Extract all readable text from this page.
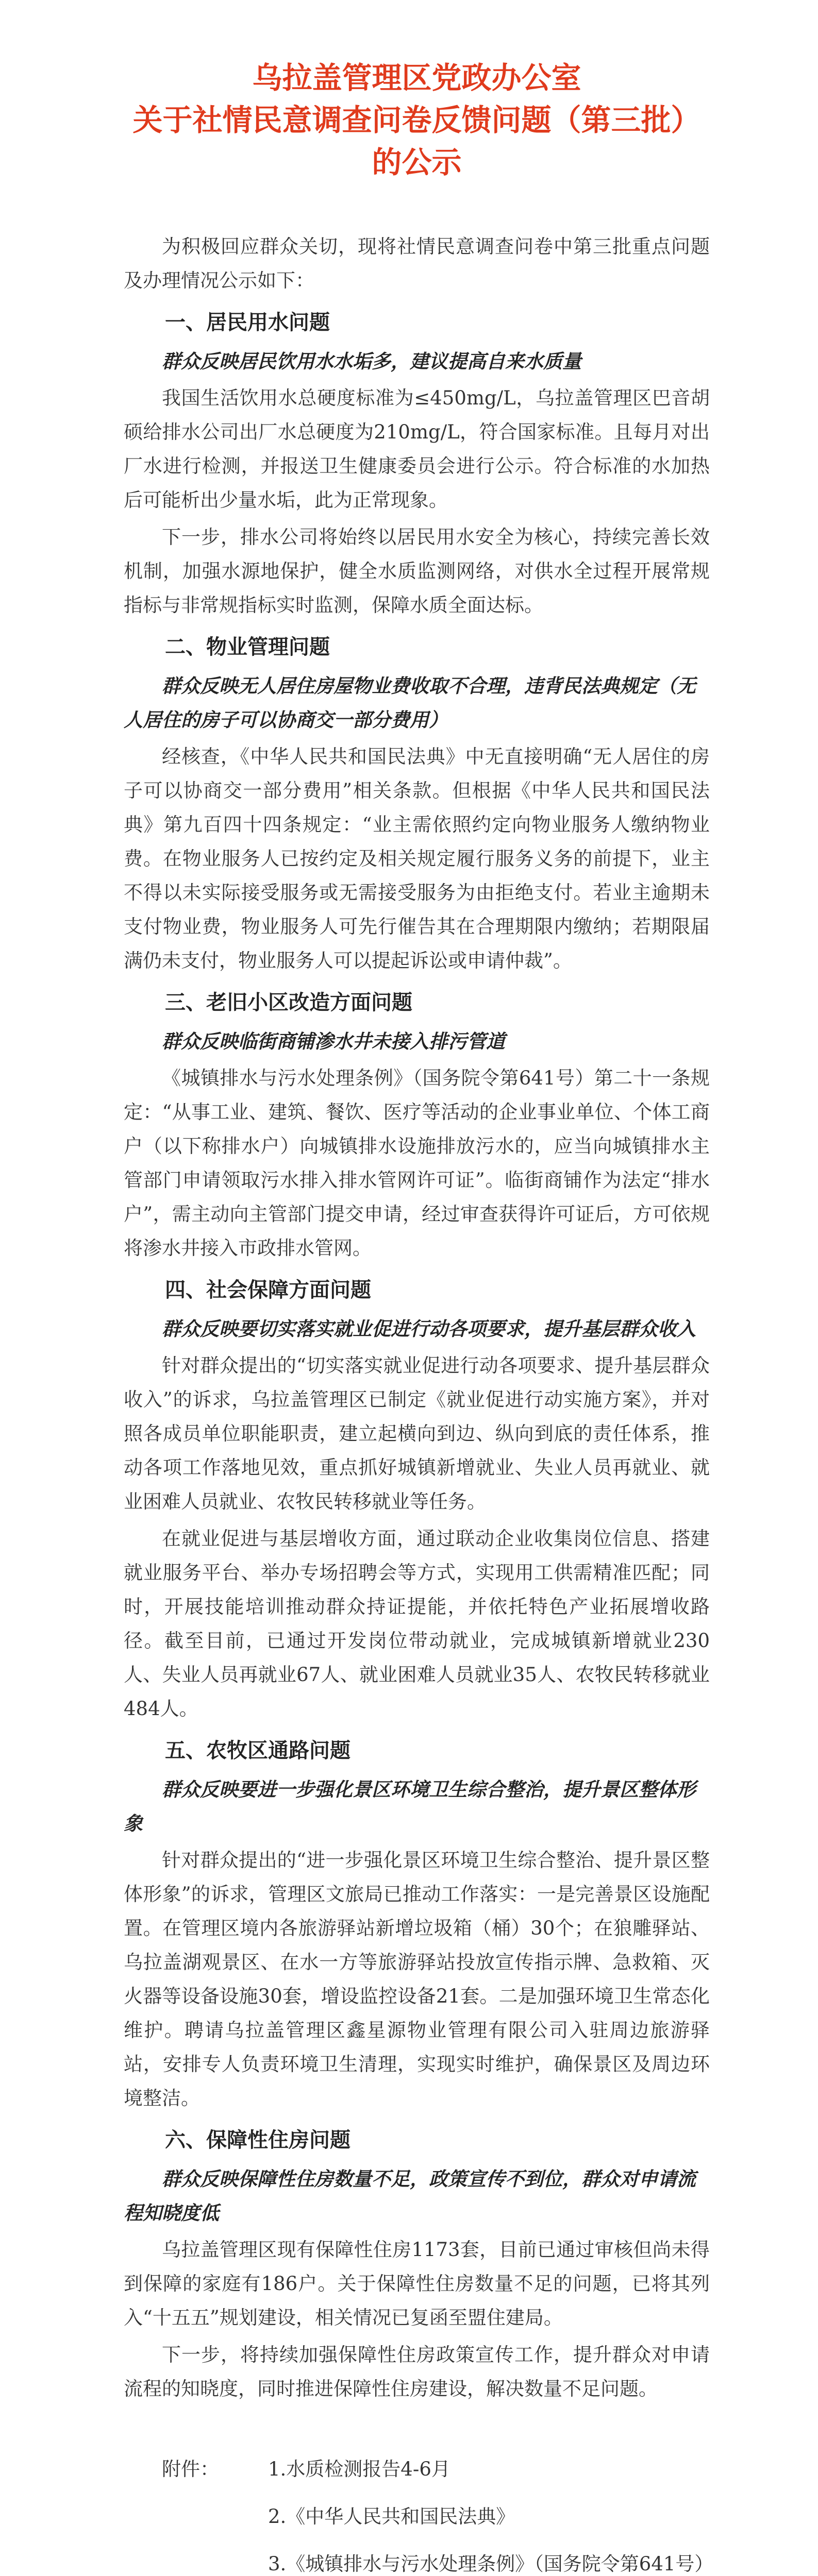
乌拉盖管理区党政办公室
关于社情民意调查问卷反馈问题（第三批）
的公示

为积极回应群众关切，现将社情民意调查问卷中第三批重点问题及办理情况公示如下：

一、居民用水问题

群众反映居民饮用水水垢多，建议提高自来水质量

我国生活饮用水总硬度标准为≤450mg/L，乌拉盖管理区巴音胡硕给排水公司出厂水总硬度为210mg/L，符合国家标准。且每月对出厂水进行检测，并报送卫生健康委员会进行公示。符合标准的水加热后可能析出少量水垢，此为正常现象。

下一步，排水公司将始终以居民用水安全为核心，持续完善长效机制，加强水源地保护，健全水质监测网络，对供水全过程开展常规指标与非常规指标实时监测，保障水质全面达标。

二、物业管理问题

群众反映无人居住房屋物业费收取不合理，违背民法典规定（无人居住的房子可以协商交一部分费用）

经核查，《中华人民共和国民法典》中无直接明确“无人居住的房子可以协商交一部分费用”相关条款。但根据《中华人民共和国民法典》第九百四十四条规定：“业主需依照约定向物业服务人缴纳物业费。在物业服务人已按约定及相关规定履行服务义务的前提下，业主不得以未实际接受服务或无需接受服务为由拒绝支付。若业主逾期未支付物业费，物业服务人可先行催告其在合理期限内缴纳；若期限届满仍未支付，物业服务人可以提起诉讼或申请仲裁”。

三、老旧小区改造方面问题

群众反映临街商铺渗水井未接入排污管道

《城镇排水与污水处理条例》（国务院令第641号）第二十一条规定：“从事工业、建筑、餐饮、医疗等活动的企业事业单位、个体工商户（以下称排水户）向城镇排水设施排放污水的，应当向城镇排水主管部门申请领取污水排入排水管网许可证”。临街商铺作为法定“排水户”，需主动向主管部门提交申请，经过审查获得许可证后，方可依规将渗水井接入市政排水管网。

四、社会保障方面问题

群众反映要切实落实就业促进行动各项要求，提升基层群众收入

针对群众提出的“切实落实就业促进行动各项要求、提升基层群众收入”的诉求，乌拉盖管理区已制定《就业促进行动实施方案》，并对照各成员单位职能职责，建立起横向到边、纵向到底的责任体系，推动各项工作落地见效，重点抓好城镇新增就业、失业人员再就业、就业困难人员就业、农牧民转移就业等任务。

在就业促进与基层增收方面，通过联动企业收集岗位信息、搭建就业服务平台、举办专场招聘会等方式，实现用工供需精准匹配；同时，开展技能培训推动群众持证提能，并依托特色产业拓展增收路径。截至目前，已通过开发岗位带动就业，完成城镇新增就业230人、失业人员再就业67人、就业困难人员就业35人、农牧民转移就业484人。

五、农牧区通路问题

群众反映要进一步强化景区环境卫生综合整治，提升景区整体形象

针对群众提出的“进一步强化景区环境卫生综合整治、提升景区整体形象”的诉求，管理区文旅局已推动工作落实：一是完善景区设施配置。在管理区境内各旅游驿站新增垃圾箱（桶）30个；在狼雕驿站、乌拉盖湖观景区、在水一方等旅游驿站投放宣传指示牌、急救箱、灭火器等设备设施30套，增设监控设备21套。二是加强环境卫生常态化维护。聘请乌拉盖管理区鑫星源物业管理有限公司入驻周边旅游驿站，安排专人负责环境卫生清理，实现实时维护，确保景区及周边环境整洁。

六、保障性住房问题

群众反映保障性住房数量不足，政策宣传不到位，群众对申请流程知晓度低

乌拉盖管理区现有保障性住房1173套，目前已通过审核但尚未得到保障的家庭有186户。关于保障性住房数量不足的问题，已将其列入“十五五”规划建设，相关情况已复函至盟住建局。

下一步，将持续加强保障性住房政策宣传工作，提升群众对申请流程的知晓度，同时推进保障性住房建设，解决数量不足问题。

附件：	1.水质检测报告4-6月
2.《中华人民共和国民法典》
3.《城镇排水与污水处理条例》（国务院令第641号）
